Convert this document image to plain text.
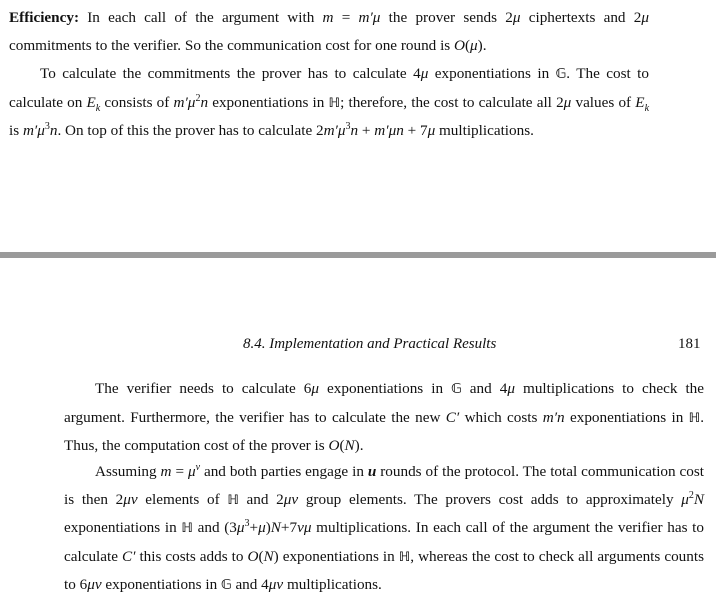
Efficiency: In each call of the argument with m = m′μ the prover sends 2μ ciphertexts and 2μ commitments to the verifier. So the communication cost for one round is O(μ).

To calculate the commitments the prover has to calculate 4μ exponentiations in 𝔾. The cost to calculate on $E_k$ consists of $m'\mu^2n$ exponentiations in ℍ; therefore, the cost to calculate all 2μ values of $E_k$ is $m'\mu^3n$. On top of this the prover has to calculate $2m'\mu^3n + m'\mu n + 7\mu$ multiplications.

8.4. Implementation and Practical Results	181

The verifier needs to calculate 6μ exponentiations in 𝔾 and 4μ multiplications to check the argument. Furthermore, the verifier has to calculate the new C′ which costs m′n exponentiations in ℍ. Thus, the computation cost of the prover is O(N).

Assuming $m = \mu^\nu$ and both parties engage in u rounds of the protocol. The total communication cost is then 2μν elements of ℍ and 2μν group elements. The provers cost adds to approximately $\mu^2N$ exponentiations in ℍ and $(3\mu^3+\mu)N+7\nu\mu$ multiplications. In each call of the argument the verifier has to calculate C′ this costs adds to O(N) exponentiations in ℍ, whereas the cost to check all arguments counts to 6μν exponentiations in 𝔾 and 4μν multiplications.
